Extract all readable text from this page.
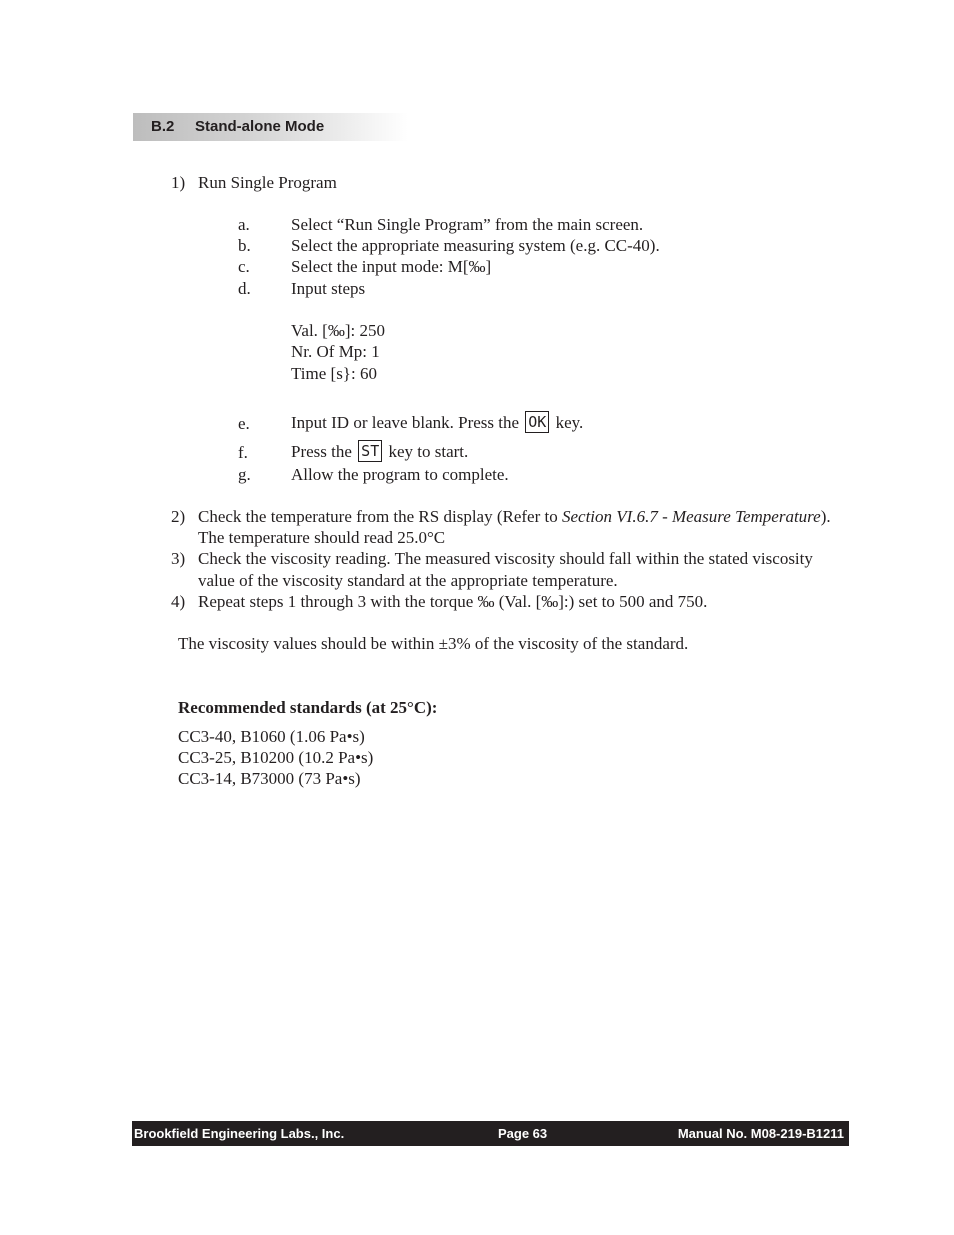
B.2 Stand-alone Mode
1) Run Single Program
a. Select “Run Single Program” from the main screen.
b. Select the appropriate measuring system (e.g. CC-40).
c. Select the input mode: M[‰]
d. Input steps
Val. [‰]: 250
Nr. Of Mp: 1
Time [s}: 60
e. Input ID or leave blank. Press the OK key.
f.	Press the ST key to start.
g. Allow the program to complete.
2) Check the temperature from the RS display (Refer to Section VI.6.7 - Measure Temperature).
The temperature should read 25.0°C
3) Check the viscosity reading. The measured viscosity should fall within the stated viscosity
value of the viscosity standard at the appropriate temperature.
4) Repeat steps 1 through 3 with the torque ‰ (Val. [‰]:) set to 500 and 750.
The viscosity values should be within ±3% of the viscosity of the standard.
Recommended standards (at 25°C):
CC3-40, B1060 (1.06 Pa•s)
CC3-25, B10200 (10.2 Pa•s)
CC3-14, B73000 (73 Pa•s)
Brookfield Engineering Labs., Inc.	Page 63	Manual No. M08-219-B1211
